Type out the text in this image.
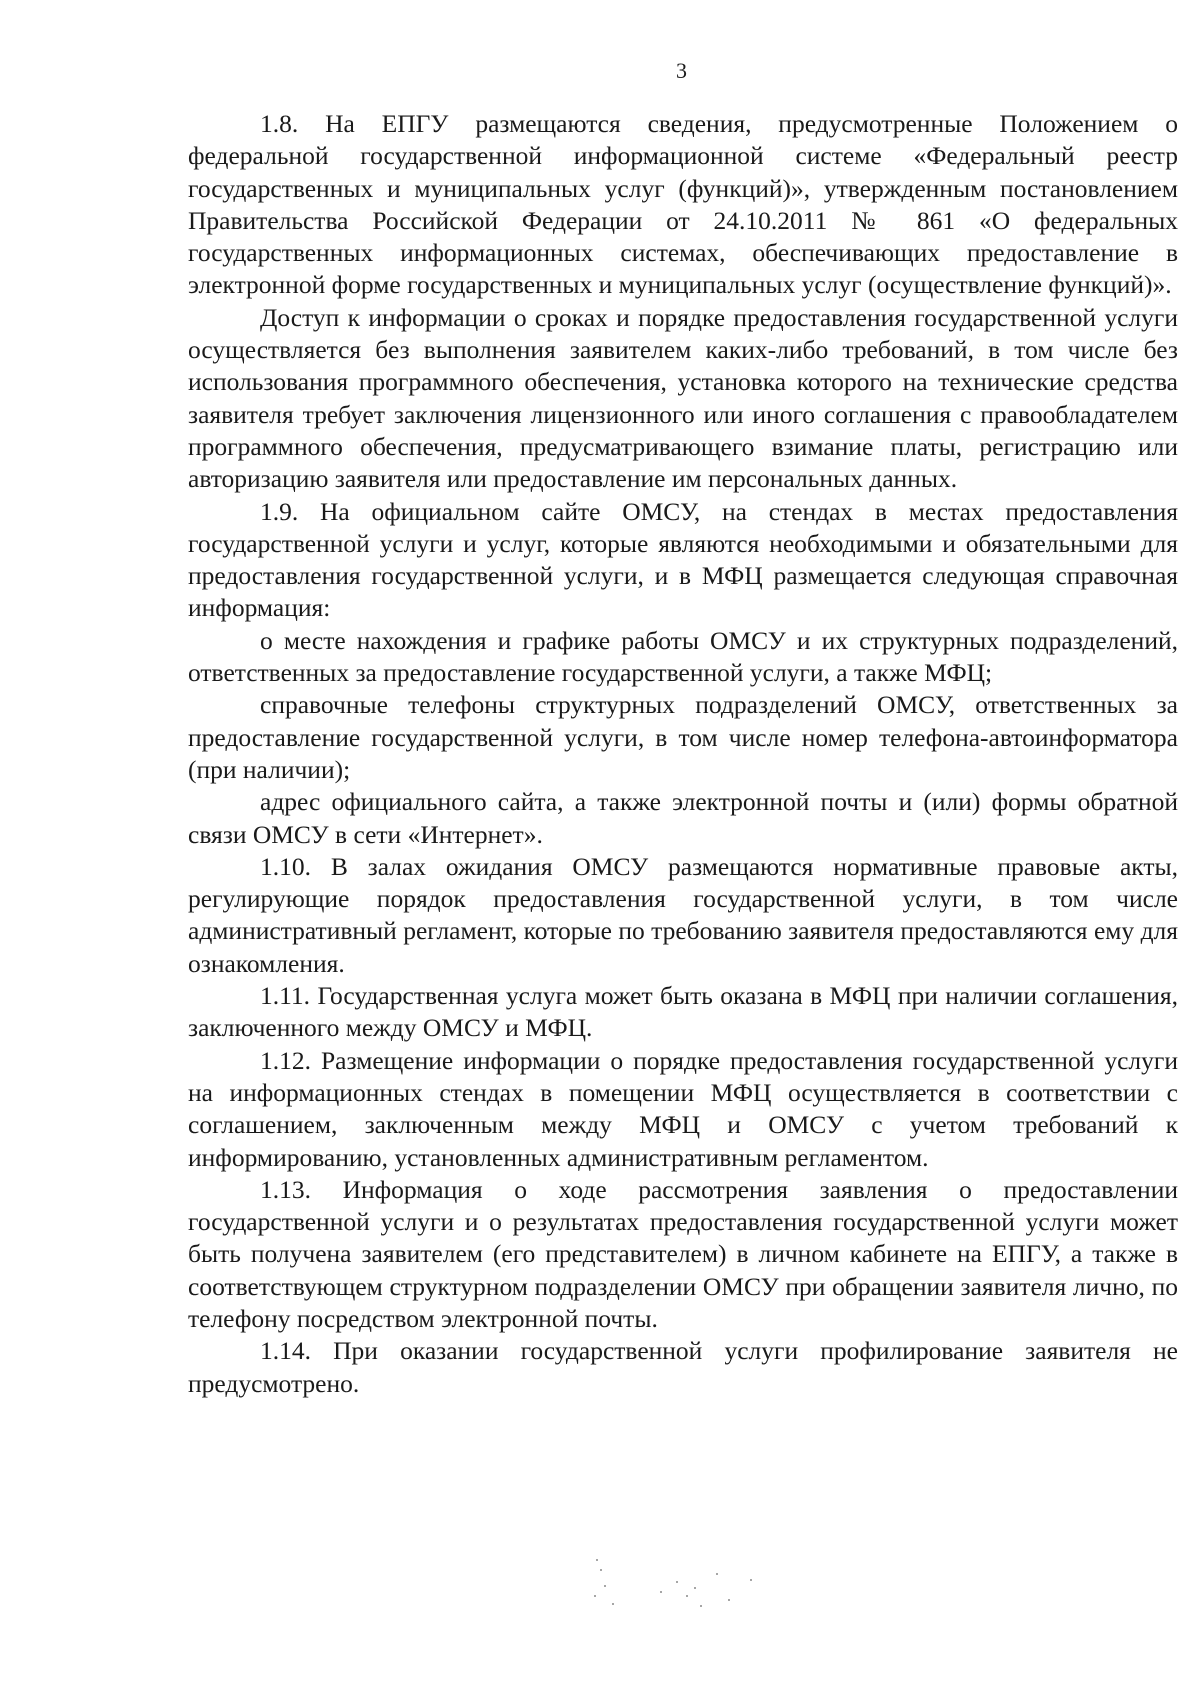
3

1.8. На ЕПГУ размещаются сведения, предусмотренные Положением о федеральной государственной информационной системе «Федеральный реестр государственных и муниципальных услуг (функций)», утвержденным постановлением Правительства Российской Федерации от 24.10.2011 № 861 «О федеральных государственных информационных системах, обеспечивающих предоставление в электронной форме государственных и муниципальных услуг (осуществление функций)».

Доступ к информации о сроках и порядке предоставления государственной услуги осуществляется без выполнения заявителем каких-либо требований, в том числе без использования программного обеспечения, установка которого на технические средства заявителя требует заключения лицензионного или иного соглашения с правообладателем программного обеспечения, предусматривающего взимание платы, регистрацию или авторизацию заявителя или предоставление им персональных данных.

1.9. На официальном сайте ОМСУ, на стендах в местах предоставления государственной услуги и услуг, которые являются необходимыми и обязательными для предоставления государственной услуги, и в МФЦ размещается следующая справочная информация:

о месте нахождения и графике работы ОМСУ и их структурных подразделений, ответственных за предоставление государственной услуги, а также МФЦ;

справочные телефоны структурных подразделений ОМСУ, ответственных за предоставление государственной услуги, в том числе номер телефона-автоинформатора (при наличии);

адрес официального сайта, а также электронной почты и (или) формы обратной связи ОМСУ в сети «Интернет».

1.10. В залах ожидания ОМСУ размещаются нормативные правовые акты, регулирующие порядок предоставления государственной услуги, в том числе административный регламент, которые по требованию заявителя предоставляются ему для ознакомления.

1.11. Государственная услуга может быть оказана в МФЦ при наличии соглашения, заключенного между ОМСУ и МФЦ.

1.12. Размещение информации о порядке предоставления государственной услуги на информационных стендах в помещении МФЦ осуществляется в соответствии с соглашением, заключенным между МФЦ и ОМСУ с учетом требований к информированию, установленных административным регламентом.

1.13. Информация о ходе рассмотрения заявления о предоставлении государственной услуги и о результатах предоставления государственной услуги может быть получена заявителем (его представителем) в личном кабинете на ЕПГУ, а также в соответствующем структурном подразделении ОМСУ при обращении заявителя лично, по телефону посредством электронной почты.

1.14. При оказании государственной услуги профилирование заявителя не предусмотрено.
